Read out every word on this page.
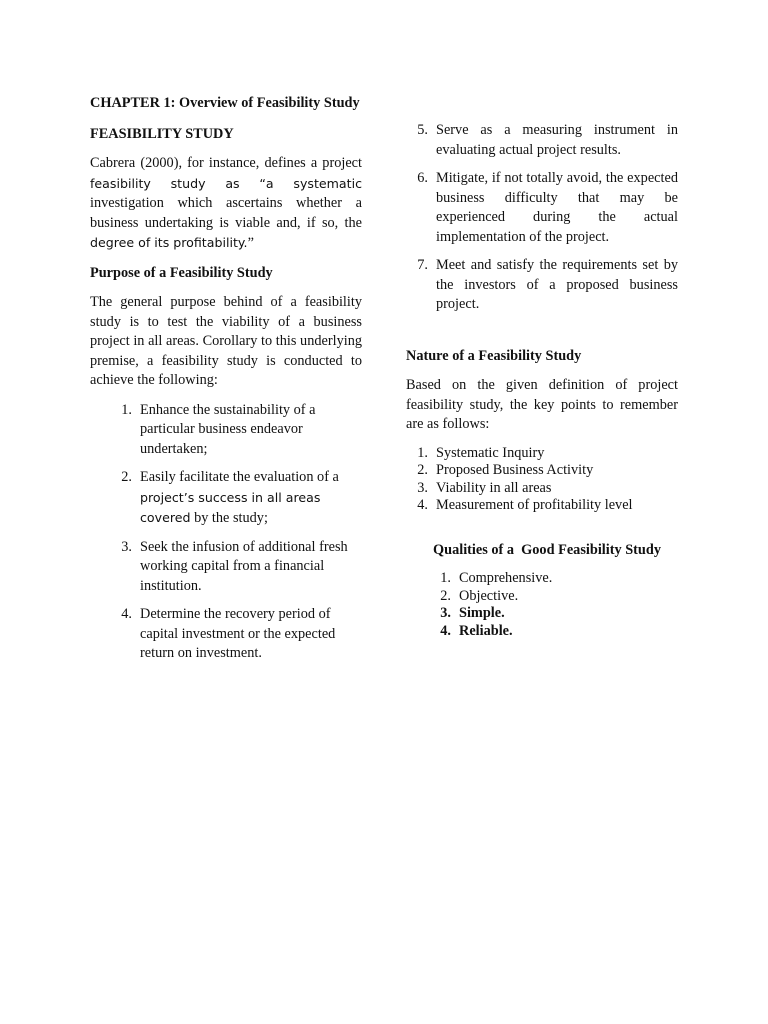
CHAPTER 1: Overview of Feasibility Study
FEASIBILITY STUDY

Cabrera (2000), for instance, defines a project feasibility study as “a systematic investigation which ascertains whether a business undertaking is viable and, if so, the degree of its profitability.”

Purpose of a Feasibility Study

The general purpose behind of a feasibility study is to test the viability of a business project in all areas. Corollary to this underlying premise, a feasibility study is conducted to achieve the following:

1. Enhance the sustainability of a particular business endeavor undertaken;
2. Easily facilitate the evaluation of a project’s success in all areas covered by the study;
3. Seek the infusion of additional fresh working capital from a financial institution.
4. Determine the recovery period of capital investment or the expected return on investment.
5. Serve as a measuring instrument in evaluating actual project results.
6. Mitigate, if not totally avoid, the expected business difficulty that may be experienced during the actual implementation of the project.
7. Meet and satisfy the requirements set by the investors of a proposed business project.
Nature of a Feasibility Study

Based on the given definition of project feasibility study, the key points to remember are as follows:

1. Systematic Inquiry
2. Proposed Business Activity
3. Viability in all areas
4. Measurement of profitability level
Qualities of a  Good Feasibility Study
1. Comprehensive.
2. Objective.
3. Simple.
4. Reliable.
